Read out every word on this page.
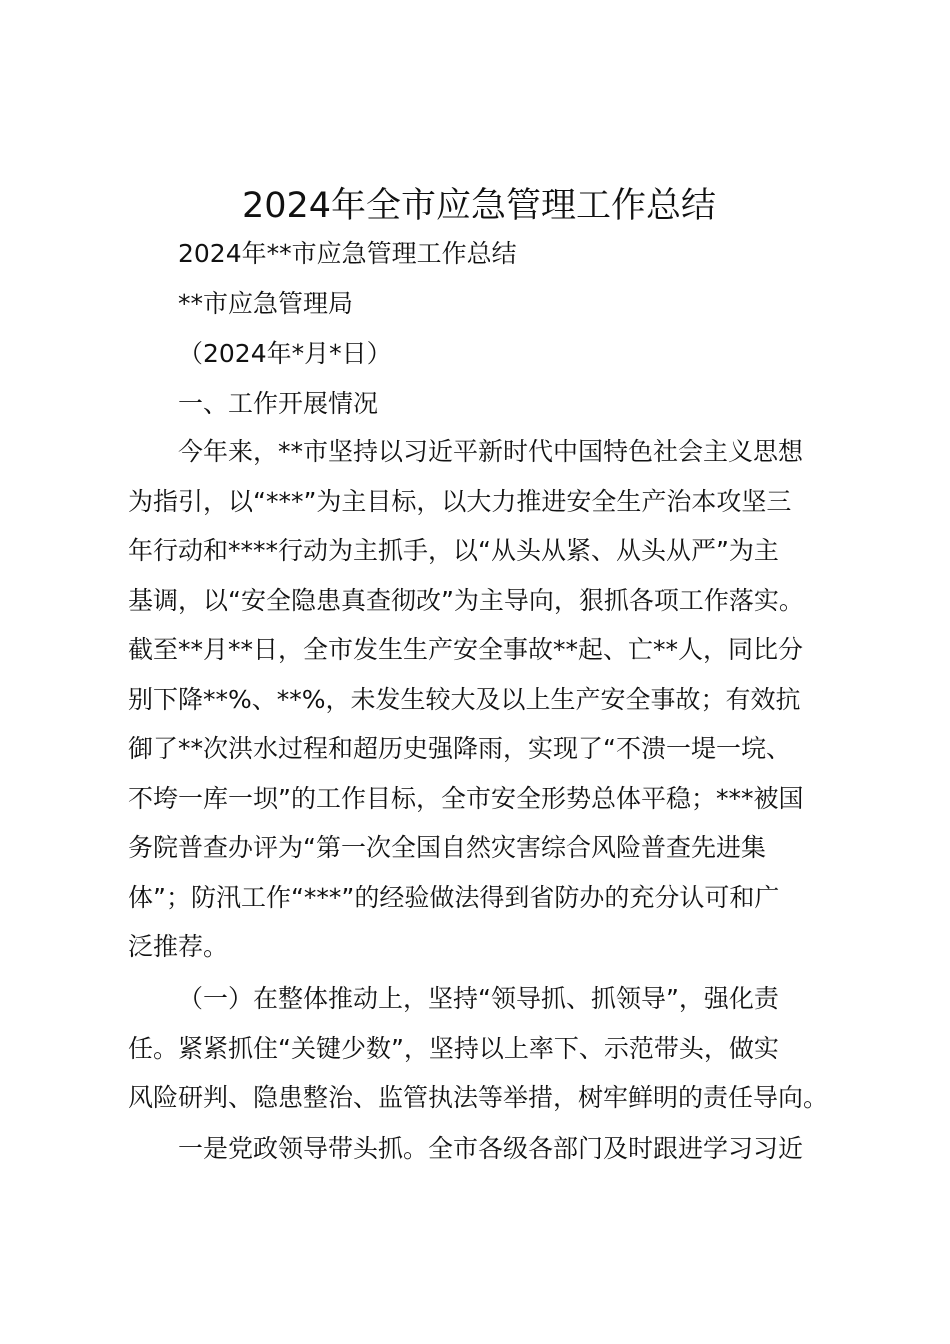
2024年全市应急管理工作总结
2024年**市应急管理工作总结
**市应急管理局
（2024年*月*日）
一、工作开展情况
今年来，**市坚持以习近平新时代中国特色社会主义思想
为指引，以“***”为主目标，以大力推进安全生产治本攻坚三
年行动和****行动为主抓手，以“从头从紧、从头从严”为主
基调，以“安全隐患真查彻改”为主导向，狠抓各项工作落实。
截至**月**日，全市发生生产安全事故**起、亡**人，同比分
别下降**%、**%，未发生较大及以上生产安全事故；有效抗
御了**次洪水过程和超历史强降雨，实现了“不溃一堤一垸、
不垮一库一坝”的工作目标，全市安全形势总体平稳；***被国
务院普查办评为“第一次全国自然灾害综合风险普查先进集
体”；防汛工作“***”的经验做法得到省防办的充分认可和广
泛推荐。
（一）在整体推动上，坚持“领导抓、抓领导”，强化责
任。紧紧抓住“关键少数”，坚持以上率下、示范带头，做实
风险研判、隐患整治、监管执法等举措，树牢鲜明的责任导向。
一是党政领导带头抓。全市各级各部门及时跟进学习习近
